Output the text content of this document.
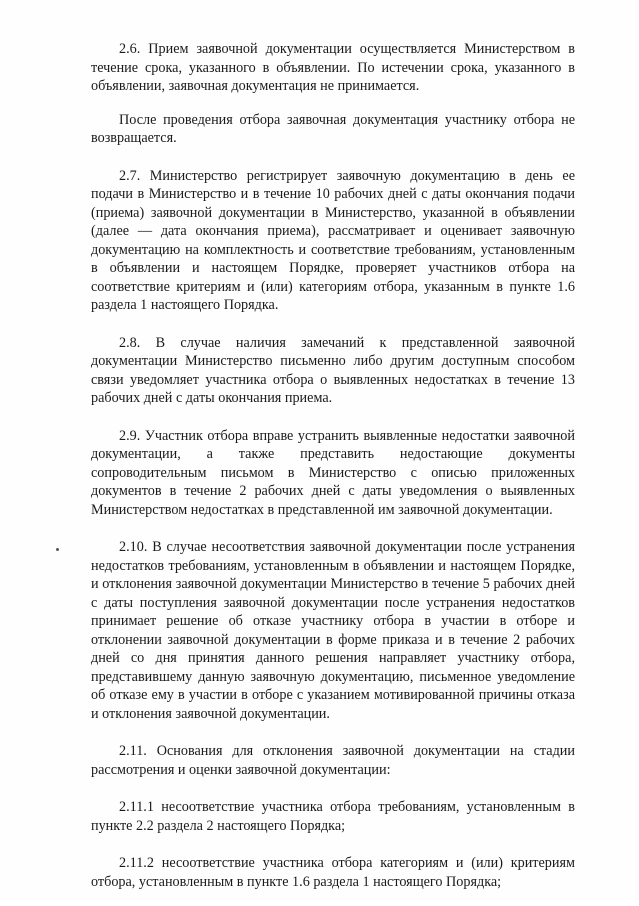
2.6. Прием заявочной документации осуществляется Министерством в течение срока, указанного в объявлении. По истечении срока, указанного в объявлении, заявочная документация не принимается.

После проведения отбора заявочная документация участнику отбора не возвращается.

2.7. Министерство регистрирует заявочную документацию в день ее подачи в Министерство и в течение 10 рабочих дней с даты окончания подачи (приема) заявочной документации в Министерство, указанной в объявлении (далее — дата окончания приема), рассматривает и оценивает заявочную документацию на комплектность и соответствие требованиям, установленным в объявлении и настоящем Порядке, проверяет участников отбора на соответствие критериям и (или) категориям отбора, указанным в пункте 1.6 раздела 1 настоящего Порядка.

2.8. В случае наличия замечаний к представленной заявочной документации Министерство письменно либо другим доступным способом связи уведомляет участника отбора о выявленных недостатках в течение 13 рабочих дней с даты окончания приема.

2.9. Участник отбора вправе устранить выявленные недостатки заявочной документации, а также представить недостающие документы сопроводительным письмом в Министерство с описью приложенных документов в течение 2 рабочих дней с даты уведомления о выявленных Министерством недостатках в представленной им заявочной документации.

2.10. В случае несоответствия заявочной документации после устранения недостатков требованиям, установленным в объявлении и настоящем Порядке, и отклонения заявочной документации Министерство в течение 5 рабочих дней с даты поступления заявочной документации после устранения недостатков принимает решение об отказе участнику отбора в участии в отборе и отклонении заявочной документации в форме приказа и в течение 2 рабочих дней со дня принятия данного решения направляет участнику отбора, представившему данную заявочную документацию, письменное уведомление об отказе ему в участии в отборе с указанием мотивированной причины отказа и отклонения заявочной документации.

2.11. Основания для отклонения заявочной документации на стадии рассмотрения и оценки заявочной документации:

2.11.1 несоответствие участника отбора требованиям, установленным в пункте 2.2 раздела 2 настоящего Порядка;

2.11.2 несоответствие участника отбора категориям и (или) критериям отбора, установленным в пункте 1.6 раздела 1 настоящего Порядка;
